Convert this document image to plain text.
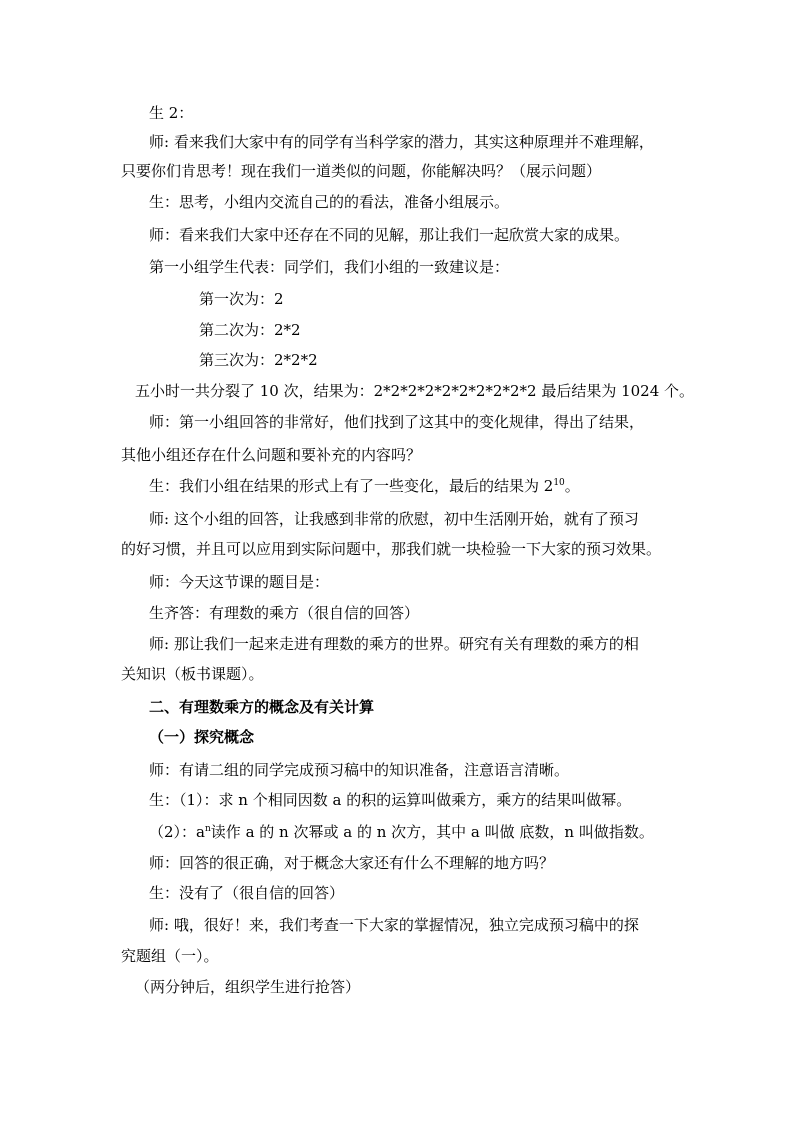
生 2：
师: 看来我们大家中有的同学有当科学家的潜力，其实这种原理并不难理解，
只要你们肯思考！现在我们一道类似的问题，你能解决吗？（展示问题）
生：思考，小组内交流自己的的看法，准备小组展示。
师：看来我们大家中还存在不同的见解，那让我们一起欣赏大家的成果。
第一小组学生代表：同学们，我们小组的一致建议是：
第一次为：2
第二次为：2*2
第三次为：2*2*2
五小时一共分裂了 10 次，结果为：2*2*2*2*2*2*2*2*2*2 最后结果为 1024 个。
师：第一小组回答的非常好，他们找到了这其中的变化规律，得出了结果，
其他小组还存在什么问题和要补充的内容吗？
生：我们小组在结果的形式上有了一些变化，最后的结果为 $2^{10}$。
师: 这个小组的回答，让我感到非常的欣慰，初中生活刚开始，就有了预习
的好习惯，并且可以应用到实际问题中，那我们就一块检验一下大家的预习效果。
师：今天这节课的题目是：
生齐答：有理数的乘方（很自信的回答）
师: 那让我们一起来走进有理数的乘方的世界。研究有关有理数的乘方的相
关知识（板书课题）。
二、有理数乘方的概念及有关计算
（一）探究概念
师：有请二组的同学完成预习稿中的知识准备，注意语言清晰。
生：（1）：求 n 个相同因数 a 的积的运算叫做乘方，乘方的结果叫做幂。
（2）：$a^n$读作 a 的 n 次幂或 a 的 n 次方，其中 a 叫做 底数，n 叫做指数。
师：回答的很正确，对于概念大家还有什么不理解的地方吗？
生：没有了（很自信的回答）
师: 哦，很好！来，我们考查一下大家的掌握情况，独立完成预习稿中的探
究题组（一）。
（两分钟后，组织学生进行抢答）
